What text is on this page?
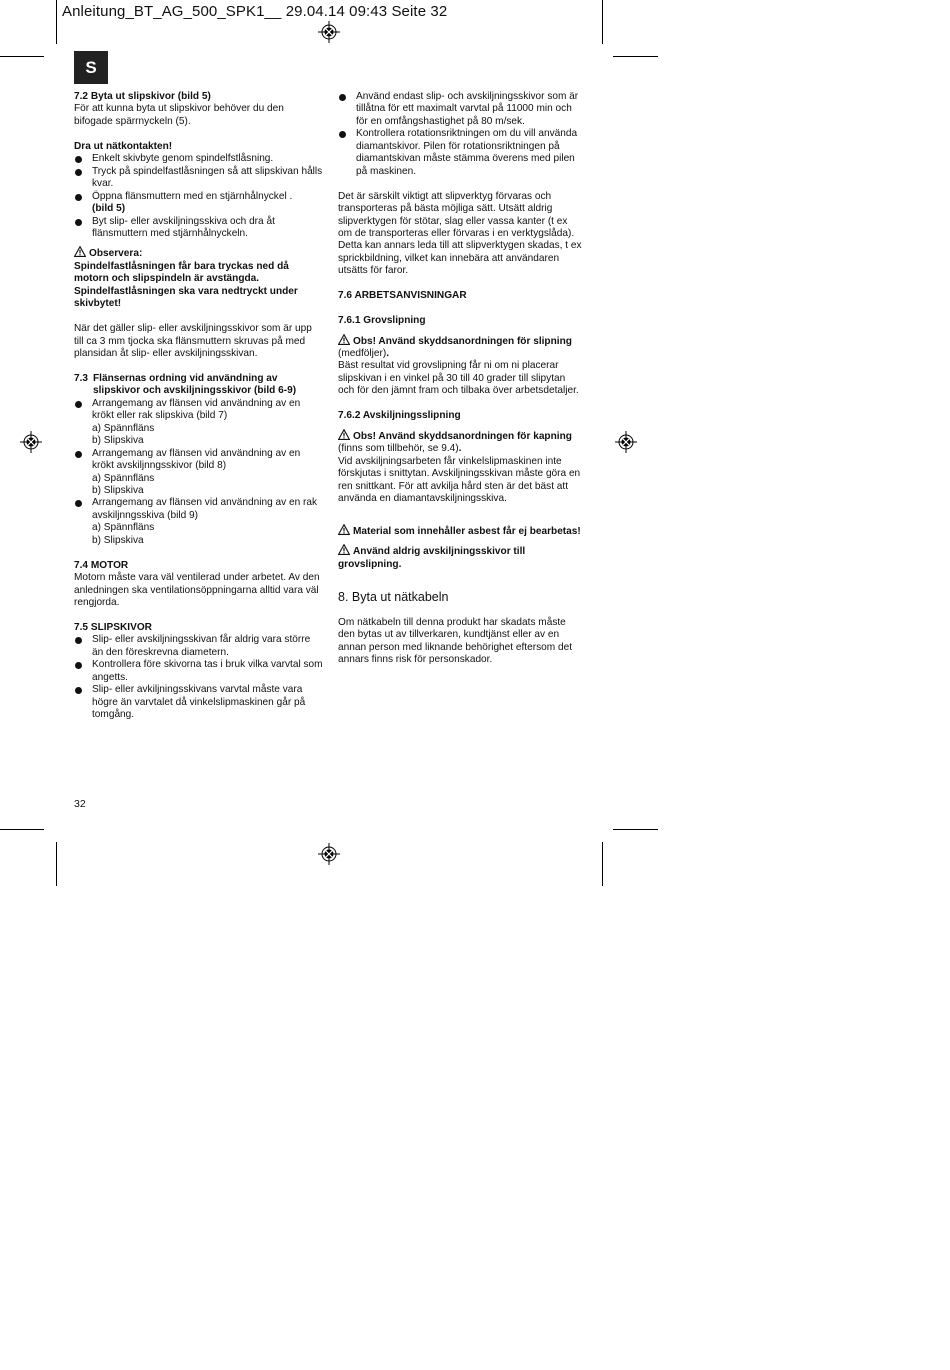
Anleitung_BT_AG_500_SPK1__ 29.04.14 09:43 Seite 32
S

7.2 Byta ut slipskivor (bild 5)

För att kunna byta ut slipskivor behöver du den bifogade spärrnyckeln (5).

Dra ut nätkontakten!

Enkelt skivbyte genom spindelfstlåsning.
Tryck på spindelfastlåsningen så att slipskivan hålls kvar.
Öppna flänsmuttern med en stjärnhålnyckel .
(bild 5)
Byt slip- eller avskiljningsskiva och dra åt flänsmuttern med stjärnhålnyckeln.

Observera:

Spindelfastlåsningen får bara tryckas ned då motorn och slipspindeln är avstängda. Spindelfastlåsningen ska vara nedtryckt under skivbytet!

När det gäller slip- eller avskiljningsskivor som är upp till ca 3 mm tjocka ska flänsmuttern skruvas på med plansidan åt slip- eller avskiljningsskivan.

7.3 Flänsernas ordning vid användning av slipskivor och avskiljningsskivor (bild 6-9)
Arrangemang av flänsen vid användning av en krökt eller rak slipskiva (bild 7)

a) Spännfläns

b) Slipskiva

Arrangemang av flänsen vid användning av en krökt avskiljnngsskivor (bild 8)

a) Spännfläns

b) Slipskiva

Arrangemang av flänsen vid användning av en rak avskiljnngsskiva (bild 9)

a) Spännfläns

b) Slipskiva

7.4 MOTOR

Motorn måste vara väl ventilerad under arbetet. Av den anledningen ska ventilationsöppningarna alltid vara väl rengjorda.

7.5 SLIPSKIVOR

Slip- eller avskiljningsskivan får aldrig vara större än den föreskrevna diametern.
Kontrollera före skivorna tas i bruk vilka varvtal som angetts.
Slip- eller avkiljningsskivans varvtal måste vara högre än varvtalet då vinkelslipmaskinen går på tomgång.
Använd endast slip- och avskiljningsskivor som är tillåtna för ett maximalt varvtal på 11000 min och för en omfångshastighet på 80 m/sek.
Kontrollera rotationsriktningen om du vill använda diamantskivor. Pilen för rotationsriktningen på diamantskivan måste stämma överens med pilen på maskinen.

Det är särskilt viktigt att slipverktyg förvaras och transporteras på bästa möjliga sätt. Utsätt aldrig slipverktygen för stötar, slag eller vassa kanter (t ex om de transporteras eller förvaras i en verktygslåda). Detta kan annars leda till att slipverktygen skadas, t ex sprickbildning, vilket kan innebära att användaren utsätts för faror.

7.6 ARBETSANVISNINGAR

7.6.1 Grovslipning

Obs! Använd skyddsanordningen för slipning
(medföljer).

Bäst resultat vid grovslipning får ni om ni placerar slipskivan i en vinkel på 30 till 40 grader till slipytan och för den jämnt fram och tilbaka över arbetsdetaljer.

7.6.2 Avskiljningsslipning

Obs! Använd skyddsanordningen för kapning
(finns som tillbehör, se 9.4).

Vid avskiljningsarbeten får vinkelslipmaskinen inte förskjutas i snittytan. Avskiljningsskivan måste göra en ren snittkant. För att avkilja hård sten är det bäst att använda en diamantavskiljningsskiva.

Material som innehåller asbest får ej bearbetas!

Använd aldrig avskiljningsskivor till grovslipning.

8. Byta ut nätkabeln

Om nätkabeln till denna produkt har skadats måste den bytas ut av tillverkaren, kundtjänst eller av en annan person med liknande behörighet eftersom det annars finns risk för personskador.

32
